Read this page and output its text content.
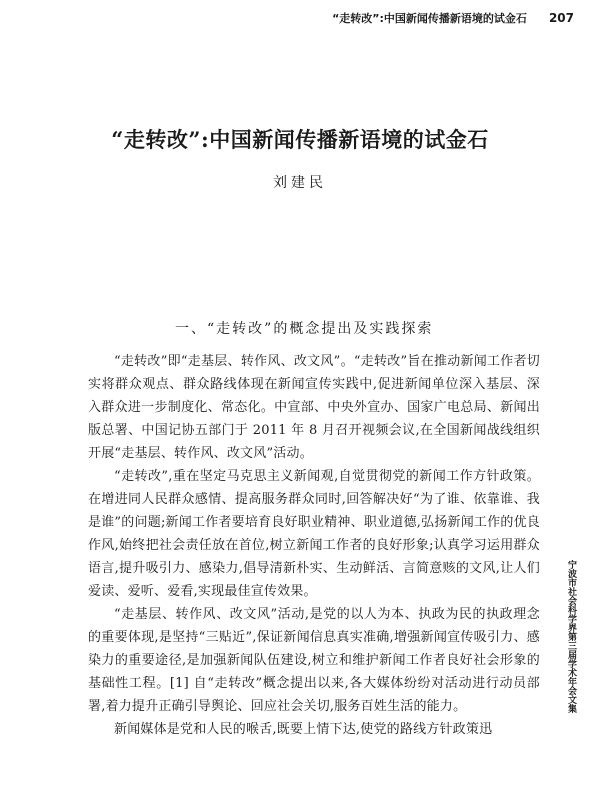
“走转改”:中国新闻传播新语境的试金石 207
“走转改”:中国新闻传播新语境的试金石
刘建民
一、“走转改”的概念提出及实践探索

“走转改”即“走基层、转作风、改文风”。“走转改”旨在推动新闻工作者切实将群众观点、群众路线体现在新闻宣传实践中,促进新闻单位深入基层、深入群众进一步制度化、常态化。中宣部、中央外宣办、国家广电总局、新闻出版总署、中国记协五部门于 2011 年 8 月召开视频会议,在全国新闻战线组织开展“走基层、转作风、改文风”活动。

“走转改”,重在坚定马克思主义新闻观,自觉贯彻党的新闻工作方针政策。在增进同人民群众感情、提高服务群众同时,回答解决好“为了谁、依靠谁、我是谁”的问题;新闻工作者要培育良好职业精神、职业道德,弘扬新闻工作的优良作风,始终把社会责任放在首位,树立新闻工作者的良好形象;认真学习运用群众语言,提升吸引力、感染力,倡导清新朴实、生动鲜活、言简意赅的文风,让人们爱读、爱听、爱看,实现最佳宣传效果。

“走基层、转作风、改文风”活动,是党的以人为本、执政为民的执政理念的重要体现,是坚持“三贴近”,保证新闻信息真实准确,增强新闻宣传吸引力、感染力的重要途径,是加强新闻队伍建设,树立和维护新闻工作者良好社会形象的基础性工程。[1] 自“走转改”概念提出以来,各大媒体纷纷对活动进行动员部署,着力提升正确引导舆论、回应社会关切,服务百姓生活的能力。

新闻媒体是党和人民的喉舌,既要上情下达,使党的路线方针政策迅

宁波市社会科学界第三届学术年会文集
